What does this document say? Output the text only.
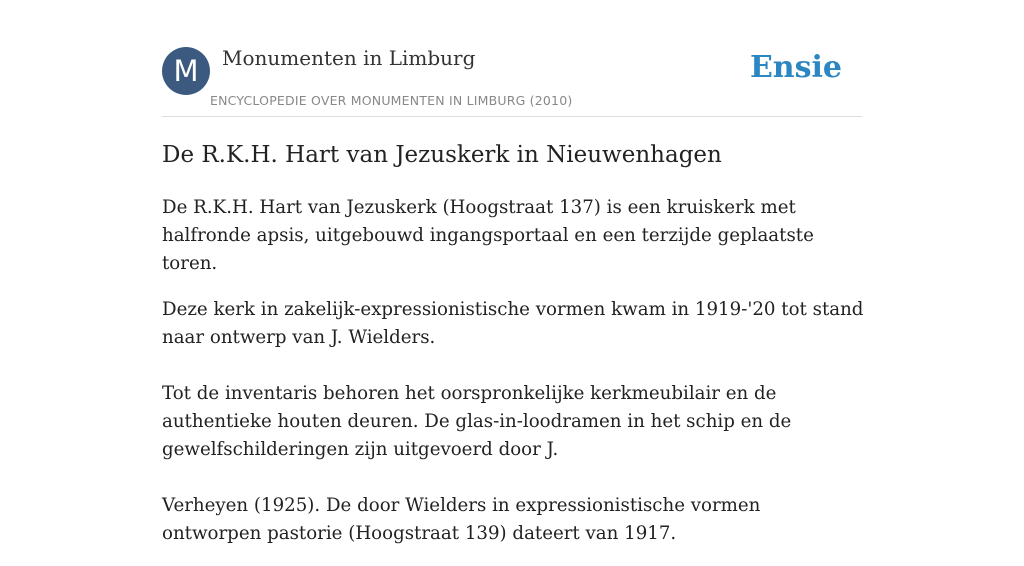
M	Monumenten in Limburg
ENCYCLOPEDIE OVER MONUMENTEN IN LIMBURG (2010)
Ensie
De R.K.H. Hart van Jezuskerk in Nieuwenhagen

De R.K.H. Hart van Jezuskerk (Hoogstraat 137) is een kruiskerk met halfronde apsis, uitgebouwd ingangsportaal en een terzijde geplaatste toren.

Deze kerk in zakelijk-expressionistische vormen kwam in 1919-'20 tot stand naar ontwerp van J. Wielders.

Tot de inventaris behoren het oorspronkelijke kerkmeubilair en de authentieke houten deuren. De glas-in-loodramen in het schip en de gewelfschilderingen zijn uitgevoerd door J.

Verheyen (1925). De door Wielders in expressionistische vormen ontworpen pastorie (Hoogstraat 139) dateert van 1917.
